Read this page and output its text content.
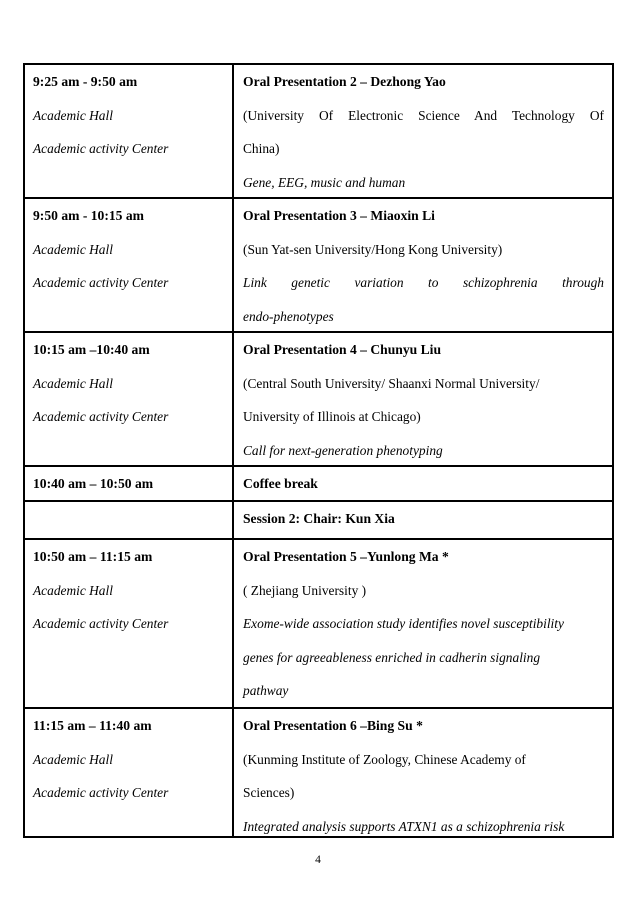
9:25 am - 9:50 am

Academic Hall

Academic activity Center

Oral Presentation 2 – Dezhong Yao

(University Of Electronic Science And Technology Of

China)

Gene, EEG, music and human

9:50 am - 10:15 am

Academic Hall

Academic activity Center

Oral Presentation 3 – Miaoxin Li

(Sun Yat-sen University/Hong Kong University)

Link genetic variation to schizophrenia through

endo-phenotypes

10:15 am –10:40 am

Academic Hall

Academic activity Center

Oral Presentation 4 – Chunyu Liu

(Central South University/ Shaanxi Normal University/

University of Illinois at Chicago)

Call for next-generation phenotyping

10:40 am – 10:50 am	Coffee break

Session 2: Chair: Kun Xia

10:50 am – 11:15 am

Academic Hall

Academic activity Center

Oral Presentation 5 –Yunlong Ma *

( Zhejiang University )

Exome-wide association study identifies novel susceptibility

genes for agreeableness enriched in cadherin signaling

pathway

11:15 am – 11:40 am

Academic Hall

Academic activity Center

Oral Presentation 6 –Bing Su *

(Kunming Institute of Zoology, Chinese Academy of

Sciences)

Integrated analysis supports ATXN1 as a schizophrenia risk

4
